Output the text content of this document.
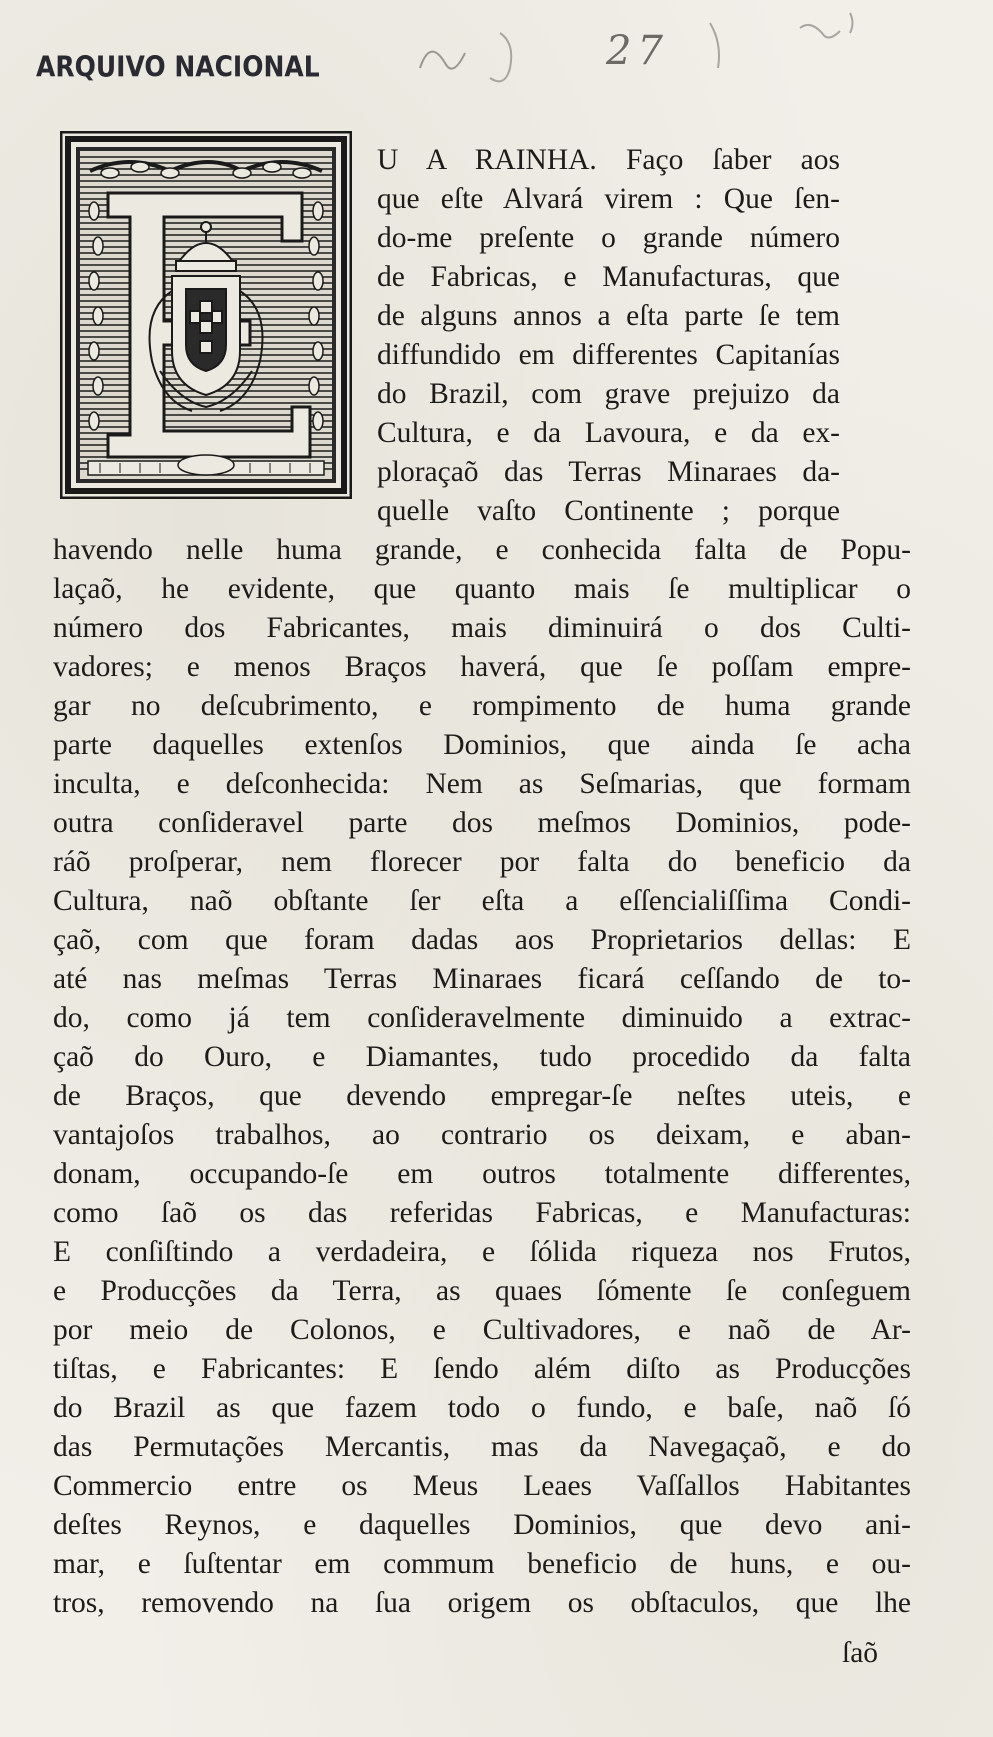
ARQUIVO NACIONAL	27
U A RAINHA. Faço ſaber aos
que eſte Alvará virem : Que ſen-
do-me preſente o grande número
de Fabricas, e Manufacturas, que
de alguns annos a eſta parte ſe tem
diffundido em differentes Capitanías
do Brazil, com grave prejuizo da
Cultura, e da Lavoura, e da ex-
ploraçaõ das Terras Minaraes da-
quelle vaſto Continente ; porque
havendo nelle huma grande, e conhecida falta de Popu-
laçaõ, he evidente, que quanto mais ſe multiplicar o
número dos Fabricantes, mais diminuirá o dos Culti-
vadores; e menos Braços haverá, que ſe poſſam empre-
gar no deſcubrimento, e rompimento de huma grande
parte daquelles extenſos Dominios, que ainda ſe acha
inculta, e deſconhecida: Nem as Seſmarias, que formam
outra conſideravel parte dos meſmos Dominios, pode-
ráõ proſperar, nem florecer por falta do beneficio da
Cultura, naõ obſtante ſer eſta a eſſencialiſſima Condi-
çaõ, com que foram dadas aos Proprietarios dellas: E
até nas meſmas Terras Minaraes ficará ceſſando de to-
do, como já tem conſideravelmente diminuido a extrac-
çaõ do Ouro, e Diamantes, tudo procedido da falta
de Braços, que devendo empregar-ſe neſtes uteis, e
vantajoſos trabalhos, ao contrario os deixam, e aban-
donam, occupando-ſe em outros totalmente differentes,
como ſaõ os das referidas Fabricas, e Manufacturas:
E conſiſtindo a verdadeira, e ſólida riqueza nos Frutos,
e Producções da Terra, as quaes ſómente ſe conſeguem
por meio de Colonos, e Cultivadores, e naõ de Ar-
tiſtas, e Fabricantes: E ſendo além diſto as Producções
do Brazil as que fazem todo o fundo, e baſe, naõ ſó
das Permutações Mercantis, mas da Navegaçaõ, e do
Commercio entre os Meus Leaes Vaſſallos Habitantes
deſtes Reynos, e daquelles Dominios, que devo ani-
mar, e ſuſtentar em commum beneficio de huns, e ou-
tros, removendo na ſua origem os obſtaculos, que lhe
ſaõ
